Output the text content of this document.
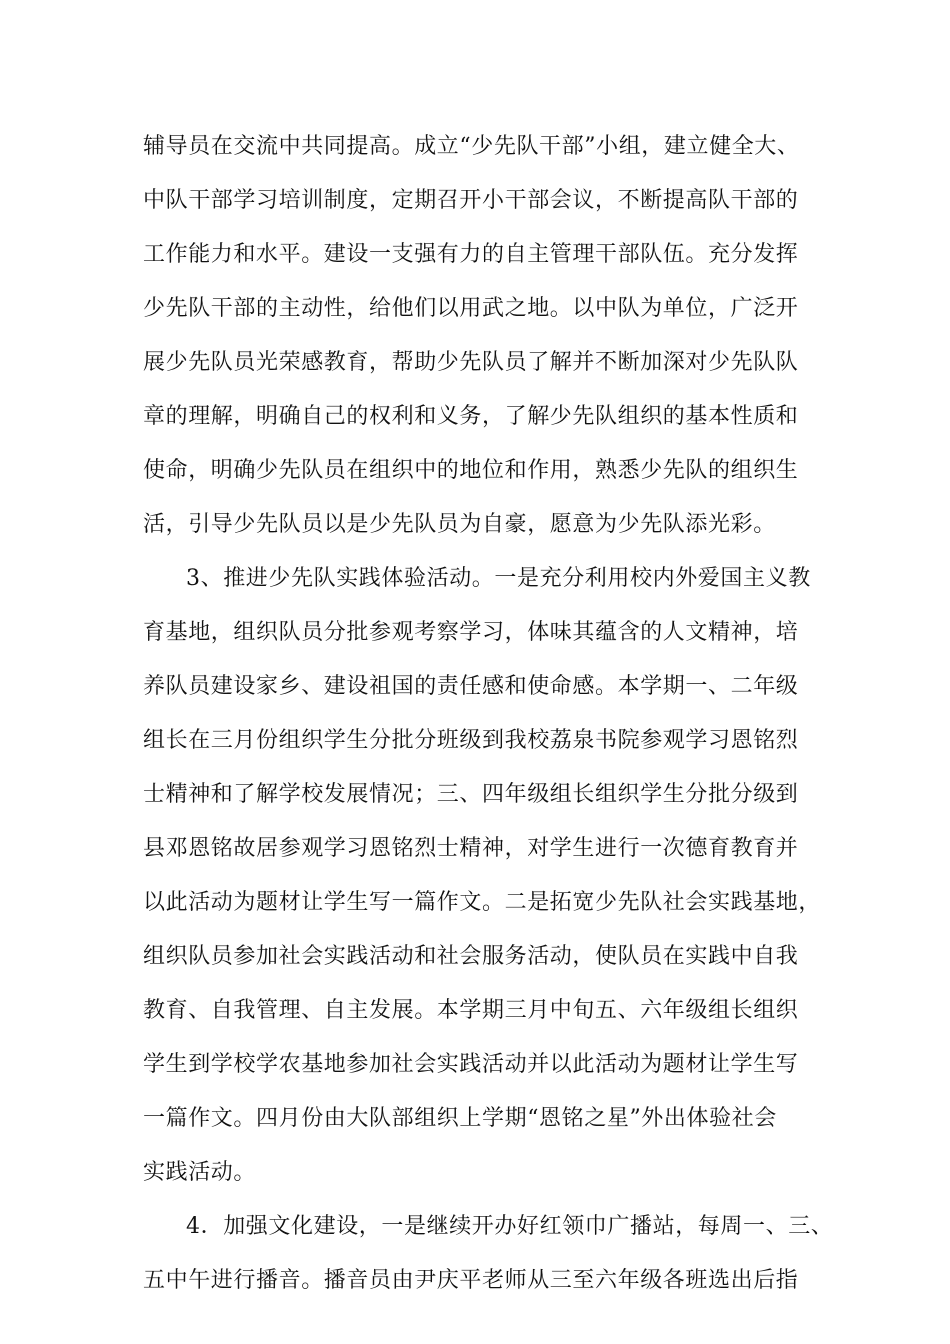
辅导员在交流中共同提高。成立“少先队干部”小组，建立健全大、
中队干部学习培训制度，定期召开小干部会议，不断提高队干部的
工作能力和水平。建设一支强有力的自主管理干部队伍。充分发挥
少先队干部的主动性，给他们以用武之地。以中队为单位，广泛开
展少先队员光荣感教育，帮助少先队员了解并不断加深对少先队队
章的理解，明确自己的权利和义务，了解少先队组织的基本性质和
使命，明确少先队员在组织中的地位和作用，熟悉少先队的组织生
活，引导少先队员以是少先队员为自豪，愿意为少先队添光彩。
3、推进少先队实践体验活动。一是充分利用校内外爱国主义教
育基地，组织队员分批参观考察学习，体味其蕴含的人文精神，培
养队员建设家乡、建设祖国的责任感和使命感。本学期一、二年级
组长在三月份组织学生分批分班级到我校荔泉书院参观学习恩铭烈
士精神和了解学校发展情况；三、四年级组长组织学生分批分级到
县邓恩铭故居参观学习恩铭烈士精神，对学生进行一次德育教育并
以此活动为题材让学生写一篇作文。二是拓宽少先队社会实践基地，
组织队员参加社会实践活动和社会服务活动，使队员在实践中自我
教育、自我管理、自主发展。本学期三月中旬五、六年级组长组织
学生到学校学农基地参加社会实践活动并以此活动为题材让学生写
一篇作文。四月份由大队部组织上学期“恩铭之星”外出体验社会
实践活动。
4．加强文化建设，一是继续开办好红领巾广播站，每周一、三、
五中午进行播音。播音员由尹庆平老师从三至六年级各班选出后指
